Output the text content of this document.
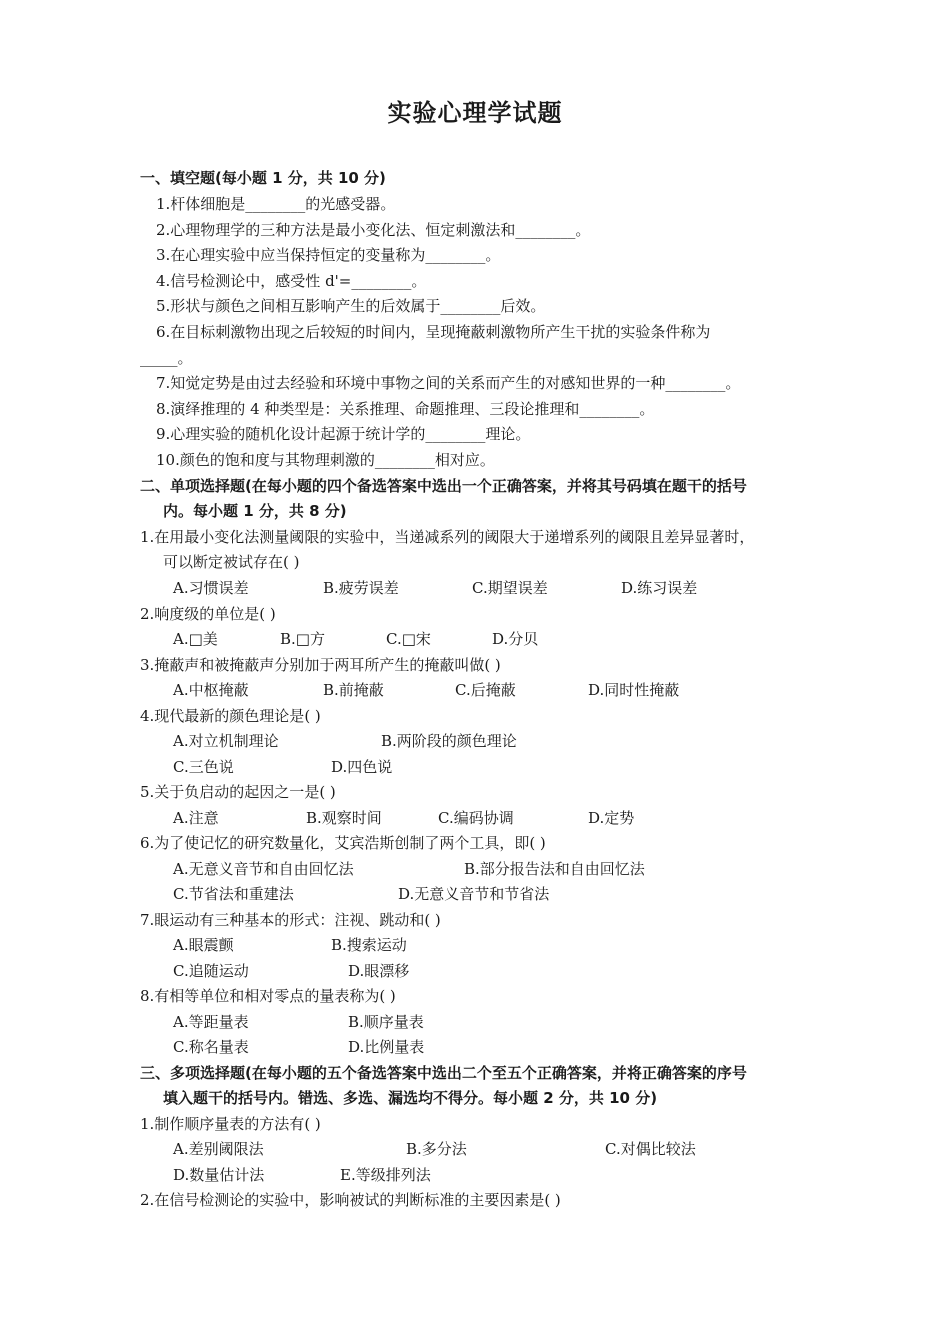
实验心理学试题
一、填空题(每小题 1 分，共 10 分)
1.杆体细胞是________的光感受器。
2.心理物理学的三种方法是最小变化法、恒定刺激法和________。
3.在心理实验中应当保持恒定的变量称为________。
4.信号检测论中，感受性 d'=________。
5.形状与颜色之间相互影响产生的后效属于________后效。
6.在目标刺激物出现之后较短的时间内，呈现掩蔽刺激物所产生干扰的实验条件称为
_____。
7.知觉定势是由过去经验和环境中事物之间的关系而产生的对感知世界的一种________。
8.演绎推理的 4 种类型是：关系推理、命题推理、三段论推理和________。
9.心理实验的随机化设计起源于统计学的________理论。
10.颜色的饱和度与其物理刺激的________相对应。
二、单项选择题(在每小题的四个备选答案中选出一个正确答案，并将其号码填在题干的括号
内。每小题 1 分，共 8 分)
1.在用最小变化法测量阈限的实验中，当递减系列的阈限大于递增系列的阈限且差异显著时，
可以断定被试存在( )
A.习惯误差	B.疲劳误差	C.期望误差	D.练习误差
2.响度级的单位是( )
A.□美	B.□方	C.□宋	D.分贝
3.掩蔽声和被掩蔽声分别加于两耳所产生的掩蔽叫做( )
A.中枢掩蔽	B.前掩蔽	C.后掩蔽	D.同时性掩蔽
4.现代最新的颜色理论是( )
A.对立机制理论	B.两阶段的颜色理论
C.三色说	D.四色说
5.关于负启动的起因之一是( )
A.注意	B.观察时间	C.编码协调	D.定势
6.为了使记忆的研究数量化，艾宾浩斯创制了两个工具，即( )
A.无意义音节和自由回忆法	B.部分报告法和自由回忆法
C.节省法和重建法	D.无意义音节和节省法
7.眼运动有三种基本的形式：注视、跳动和( )
A.眼震颤	B.搜索运动
C.追随运动	D.眼漂移
8.有相等单位和相对零点的量表称为( )
A.等距量表	B.顺序量表
C.称名量表	D.比例量表
三、多项选择题(在每小题的五个备选答案中选出二个至五个正确答案，并将正确答案的序号
填入题干的括号内。错选、多选、漏选均不得分。每小题 2 分，共 10 分)
1.制作顺序量表的方法有( )
A.差别阈限法	B.多分法	C.对偶比较法
D.数量估计法	E.等级排列法
2.在信号检测论的实验中，影响被试的判断标准的主要因素是( )
